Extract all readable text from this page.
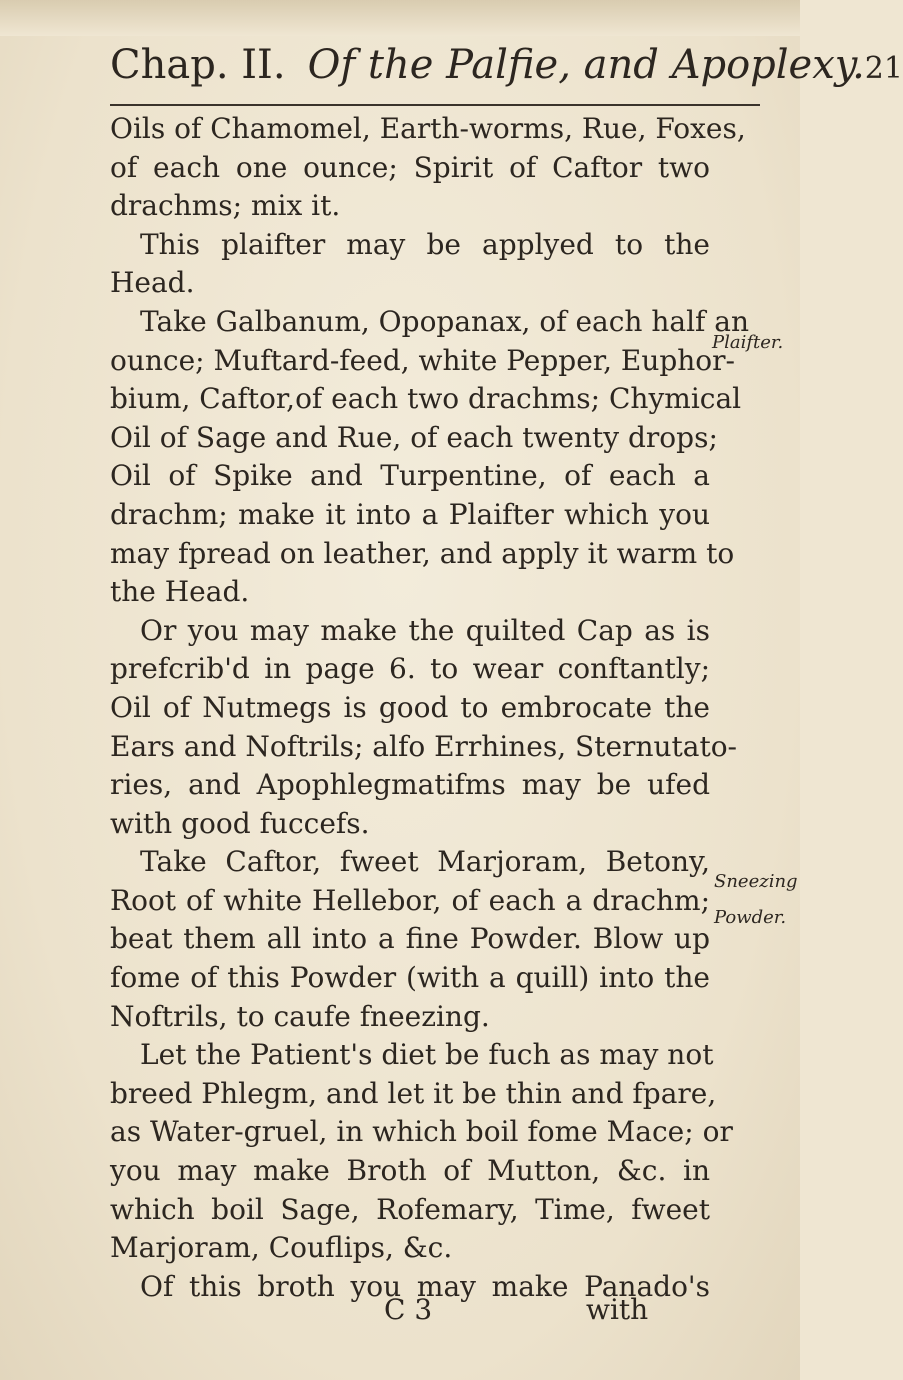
Chap. II. Of the Palfie, and Apoplexy. 21
Oils of Chamomel, Earth-worms, Rue, Foxes,
of each one ounce; Spirit of Caftor two
drachms; mix it.
This plaifter may be applyed to the
Head.
Take Galbanum, Opopanax, of each half an
ounce; Muftard-feed, white Pepper, Euphor-
bium, Caftor,of each two drachms; Chymical
Oil of Sage and Rue, of each twenty drops;
Oil of Spike and Turpentine, of each a
drachm; make it into a Plaifter which you
may fpread on leather, and apply it warm to
the Head.
Or you may make the quilted Cap as is
prefcrib'd in page 6. to wear conftantly;
Oil of Nutmegs is good to embrocate the
Ears and Noftrils; alfo Errhines, Sternutato-
ries, and Apophlegmatifms may be ufed
with good fuccefs.
Take Caftor, fweet Marjoram, Betony,
Root of white Hellebor, of each a drachm;
beat them all into a fine Powder. Blow up
fome of this Powder (with a quill) into the
Noftrils, to caufe fneezing.
Let the Patient's diet be fuch as may not
breed Phlegm, and let it be thin and fpare,
as Water-gruel, in which boil fome Mace; or
you may make Broth of Mutton, &c. in
which boil Sage, Rofemary, Time, fweet
Marjoram, Couflips, &c.
Of this broth you may make Panado's
Plaifter.
Sneezing
Powder.
C 3	with
